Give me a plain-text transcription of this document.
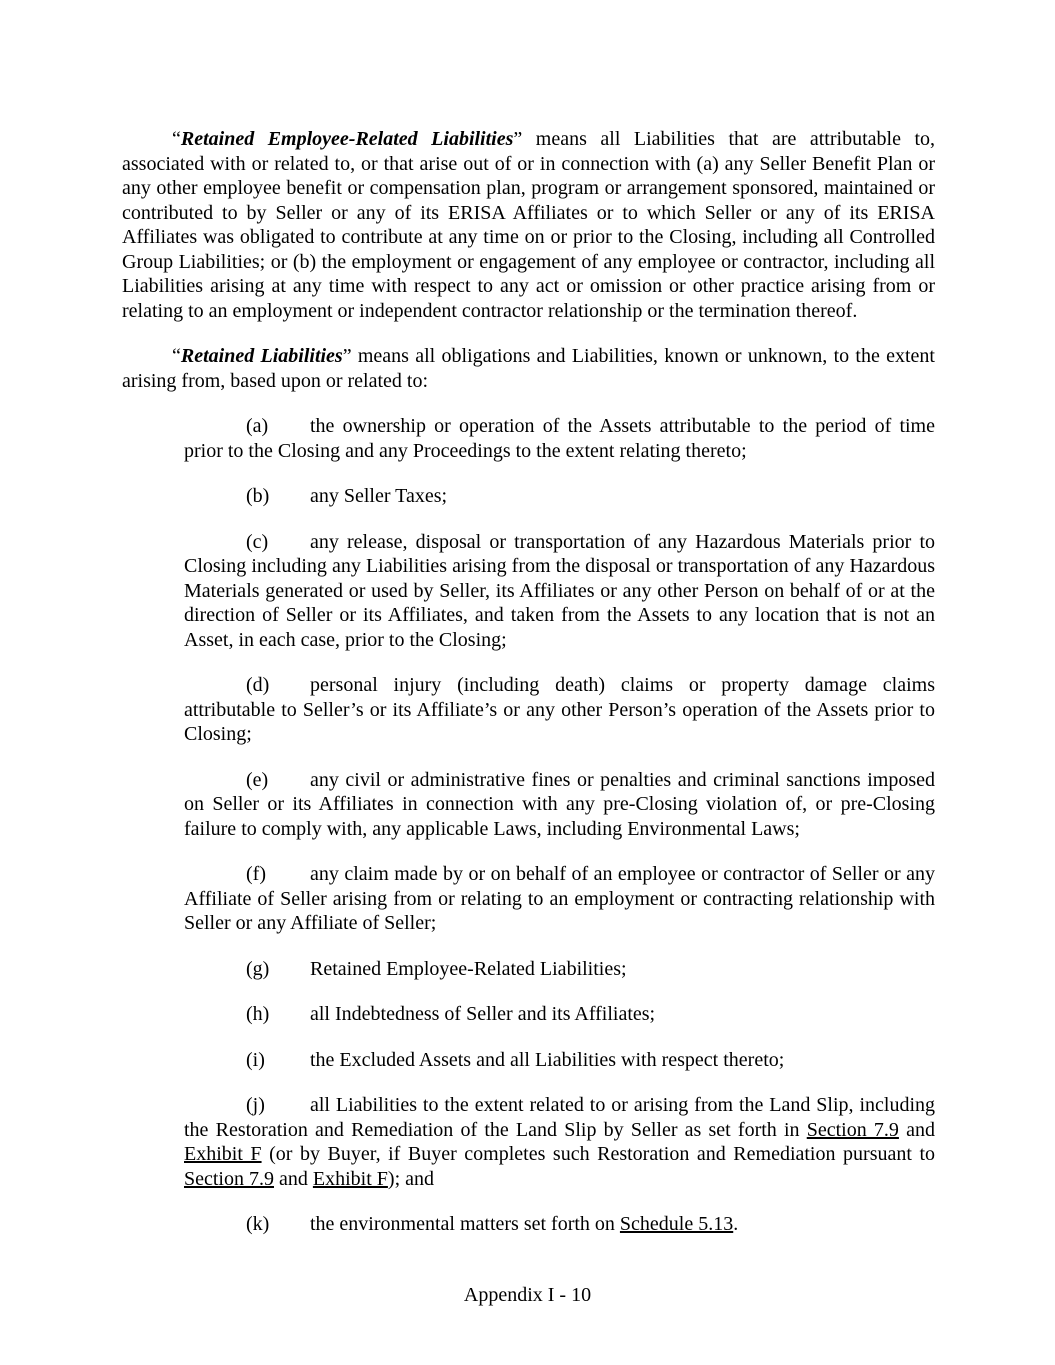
“Retained Employee-Related Liabilities” means all Liabilities that are attributable to, associated with or related to, or that arise out of or in connection with (a) any Seller Benefit Plan or any other employee benefit or compensation plan, program or arrangement sponsored, maintained or contributed to by Seller or any of its ERISA Affiliates or to which Seller or any of its ERISA Affiliates was obligated to contribute at any time on or prior to the Closing, including all Controlled Group Liabilities; or (b) the employment or engagement of any employee or contractor, including all Liabilities arising at any time with respect to any act or omission or other practice arising from or relating to an employment or independent contractor relationship or the termination thereof.

“Retained Liabilities” means all obligations and Liabilities, known or unknown, to the extent arising from, based upon or related to:

(a) the ownership or operation of the Assets attributable to the period of time prior to the Closing and any Proceedings to the extent relating thereto;

(b) any Seller Taxes;

(c) any release, disposal or transportation of any Hazardous Materials prior to Closing including any Liabilities arising from the disposal or transportation of any Hazardous Materials generated or used by Seller, its Affiliates or any other Person on behalf of or at the direction of Seller or its Affiliates, and taken from the Assets to any location that is not an Asset, in each case, prior to the Closing;

(d) personal injury (including death) claims or property damage claims attributable to Seller’s or its Affiliate’s or any other Person’s operation of the Assets prior to Closing;

(e) any civil or administrative fines or penalties and criminal sanctions imposed on Seller or its Affiliates in connection with any pre-Closing violation of, or pre-Closing failure to comply with, any applicable Laws, including Environmental Laws;

(f) any claim made by or on behalf of an employee or contractor of Seller or any Affiliate of Seller arising from or relating to an employment or contracting relationship with Seller or any Affiliate of Seller;

(g) Retained Employee-Related Liabilities;

(h) all Indebtedness of Seller and its Affiliates;

(i) the Excluded Assets and all Liabilities with respect thereto;

(j) all Liabilities to the extent related to or arising from the Land Slip, including the Restoration and Remediation of the Land Slip by Seller as set forth in Section 7.9 and Exhibit F (or by Buyer, if Buyer completes such Restoration and Remediation pursuant to Section 7.9 and Exhibit F); and

(k) the environmental matters set forth on Schedule 5.13.

Appendix I - 10
